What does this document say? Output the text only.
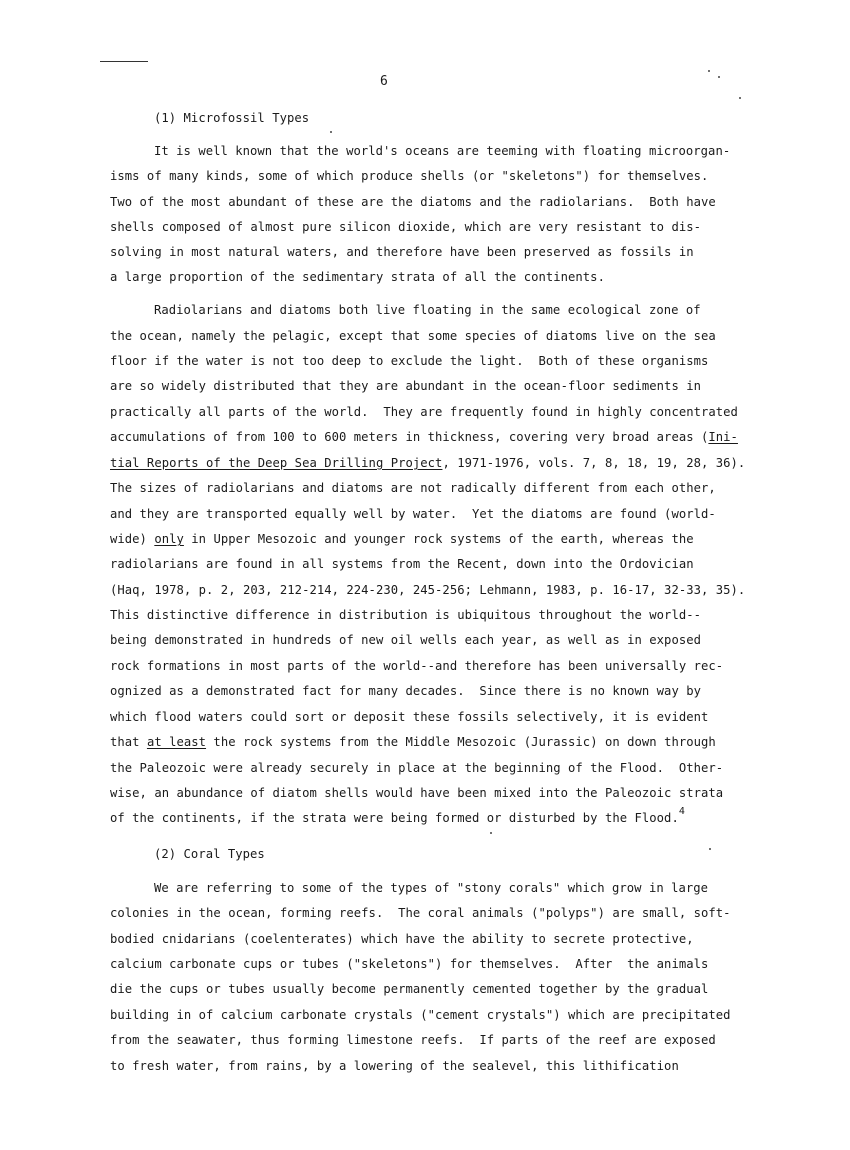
6
(1) Microfossil Types
It is well known that the world's oceans are teeming with floating microorgan-
isms of many kinds, some of which produce shells (or "skeletons") for themselves.
Two of the most abundant of these are the diatoms and the radiolarians.  Both have
shells composed of almost pure silicon dioxide, which are very resistant to dis-
solving in most natural waters, and therefore have been preserved as fossils in
a large proportion of the sedimentary strata of all the continents.
Radiolarians and diatoms both live floating in the same ecological zone of
the ocean, namely the pelagic, except that some species of diatoms live on the sea
floor if the water is not too deep to exclude the light.  Both of these organisms
are so widely distributed that they are abundant in the ocean-floor sediments in
practically all parts of the world.  They are frequently found in highly concentrated
accumulations of from 100 to 600 meters in thickness, covering very broad areas (Ini-
tial Reports of the Deep Sea Drilling Project, 1971-1976, vols. 7, 8, 18, 19, 28, 36).
The sizes of radiolarians and diatoms are not radically different from each other,
and they are transported equally well by water.  Yet the diatoms are found (world-
wide) only in Upper Mesozoic and younger rock systems of the earth, whereas the
radiolarians are found in all systems from the Recent, down into the Ordovician
(Haq, 1978, p. 2, 203, 212-214, 224-230, 245-256; Lehmann, 1983, p. 16-17, 32-33, 35).
This distinctive difference in distribution is ubiquitous throughout the world--
being demonstrated in hundreds of new oil wells each year, as well as in exposed
rock formations in most parts of the world--and therefore has been universally rec-
ognized as a demonstrated fact for many decades.  Since there is no known way by
which flood waters could sort or deposit these fossils selectively, it is evident
that at least the rock systems from the Middle Mesozoic (Jurassic) on down through
the Paleozoic were already securely in place at the beginning of the Flood.  Other-
wise, an abundance of diatom shells would have been mixed into the Paleozoic strata
of the continents, if the strata were being formed or disturbed by the Flood.$^4$
(2) Coral Types
We are referring to some of the types of "stony corals" which grow in large
colonies in the ocean, forming reefs.  The coral animals ("polyps") are small, soft-
bodied cnidarians (coelenterates) which have the ability to secrete protective,
calcium carbonate cups or tubes ("skeletons") for themselves.  After  the animals
die the cups or tubes usually become permanently cemented together by the gradual
building in of calcium carbonate crystals ("cement crystals") which are precipitated
from the seawater, thus forming limestone reefs.  If parts of the reef are exposed
to fresh water, from rains, by a lowering of the sealevel, this lithification
